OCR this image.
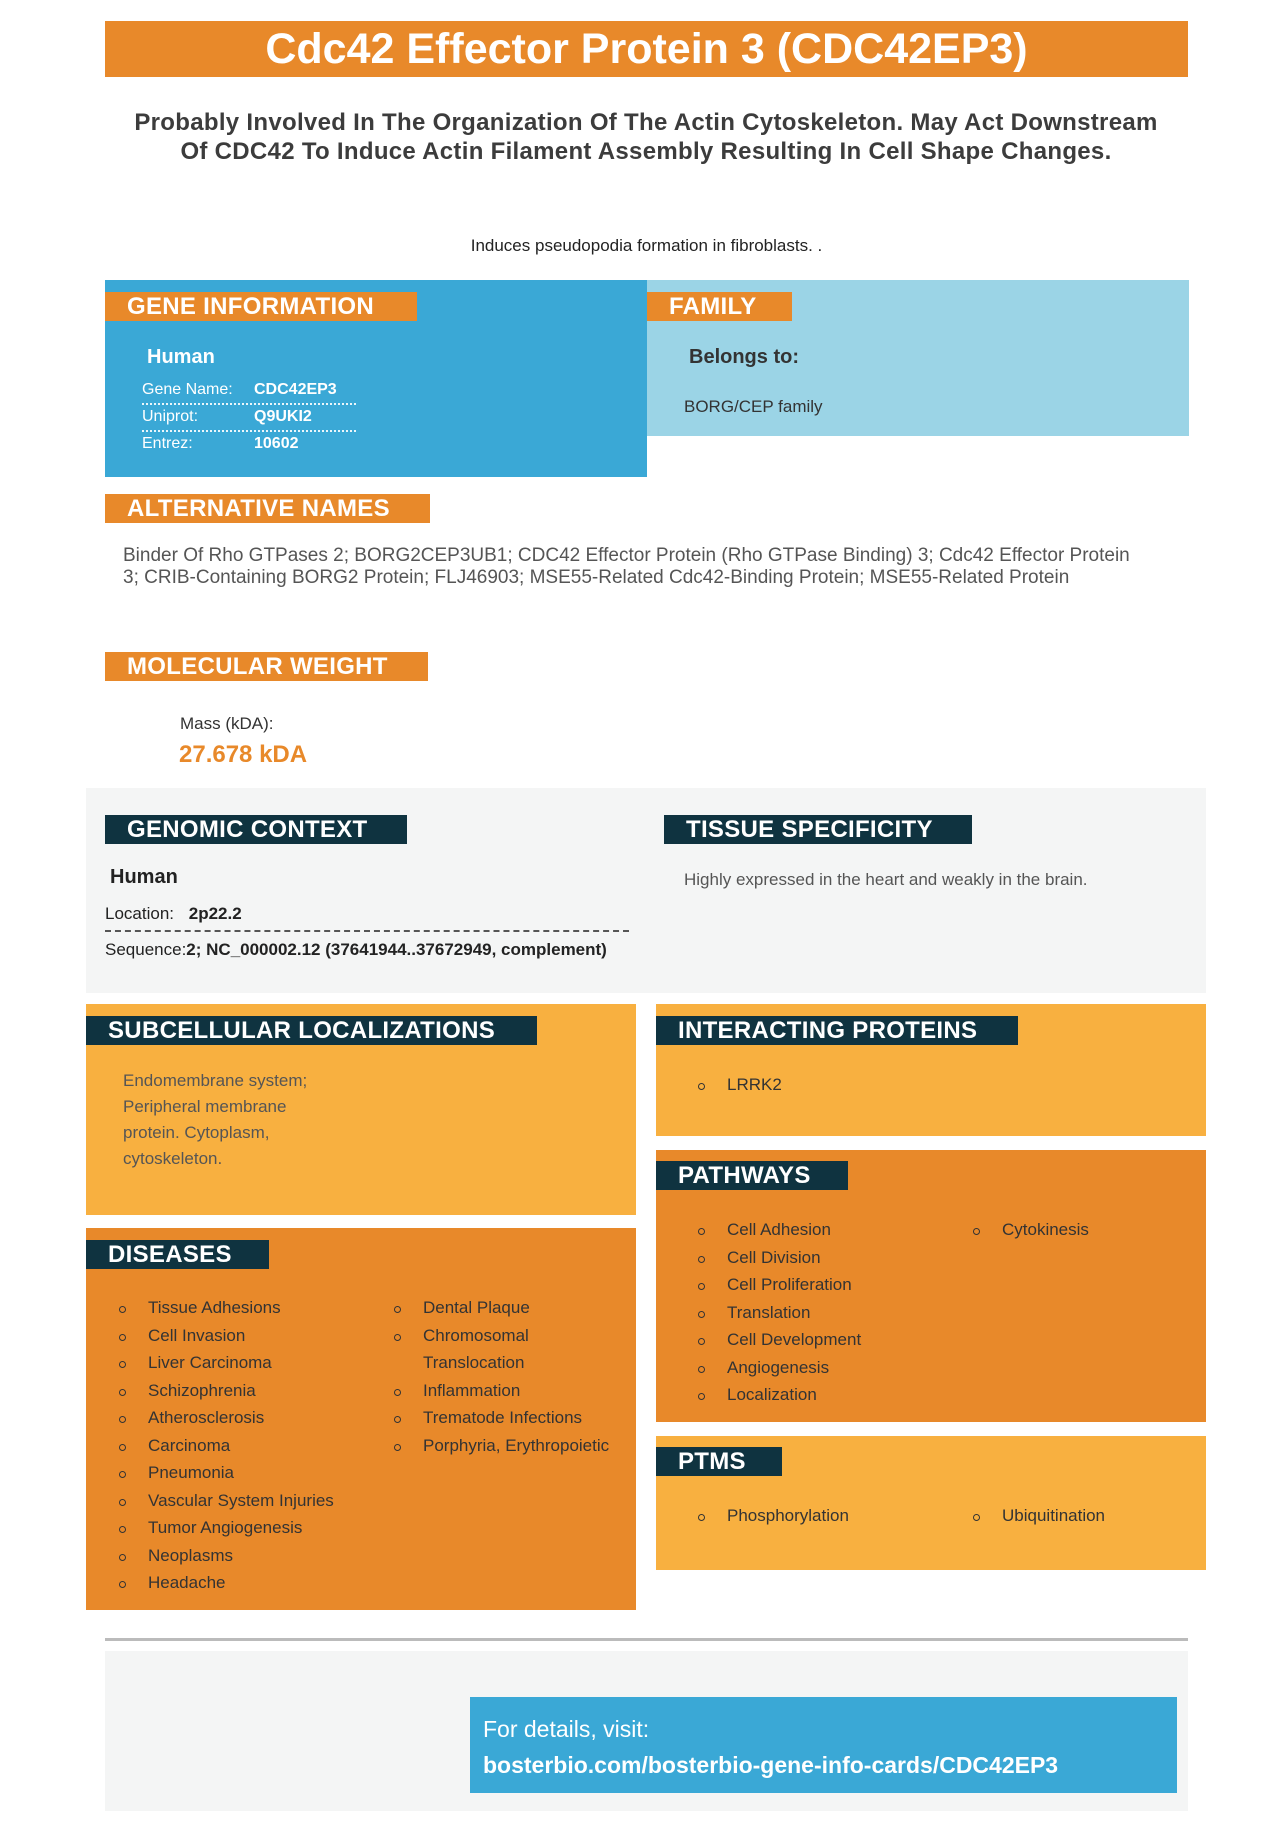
Cdc42 Effector Protein 3 (CDC42EP3)
Probably Involved In The Organization Of The Actin Cytoskeleton. May Act Downstream Of CDC42 To Induce Actin Filament Assembly Resulting In Cell Shape Changes.
Induces pseudopodia formation in fibroblasts. .
GENE INFORMATION
Human
Gene Name: CDC42EP3
Uniprot:	Q9UKI2
Entrez:	10602
FAMILY
Belongs to:
BORG/CEP family
ALTERNATIVE NAMES
Binder Of Rho GTPases 2; BORG2CEP3UB1; CDC42 Effector Protein (Rho GTPase Binding) 3; Cdc42 Effector Protein 3; CRIB-Containing BORG2 Protein; FLJ46903; MSE55-Related Cdc42-Binding Protein; MSE55-Related Protein
MOLECULAR WEIGHT
Mass (kDA):
27.678 kDA
GENOMIC CONTEXT
Human
Location: 2p22.2
Sequence:2; NC_000002.12 (37641944..37672949, complement)
TISSUE SPECIFICITY
Highly expressed in the heart and weakly in the brain.
SUBCELLULAR LOCALIZATIONS
Endomembrane system; Peripheral membrane protein. Cytoplasm, cytoskeleton.
INTERACTING PROTEINS
LRRK2
DISEASES
Tissue Adhesions
Cell Invasion
Liver Carcinoma
Schizophrenia
Atherosclerosis
Carcinoma
Pneumonia
Vascular System Injuries
Tumor Angiogenesis
Neoplasms
Headache
Dental Plaque
Chromosomal Translocation
Inflammation
Trematode Infections
Porphyria, Erythropoietic
PATHWAYS
Cell Adhesion
Cell Division
Cell Proliferation
Translation
Cell Development
Angiogenesis
Localization
Cytokinesis
PTMS
Phosphorylation	Ubiquitination
For details, visit:
bosterbio.com/bosterbio-gene-info-cards/CDC42EP3
